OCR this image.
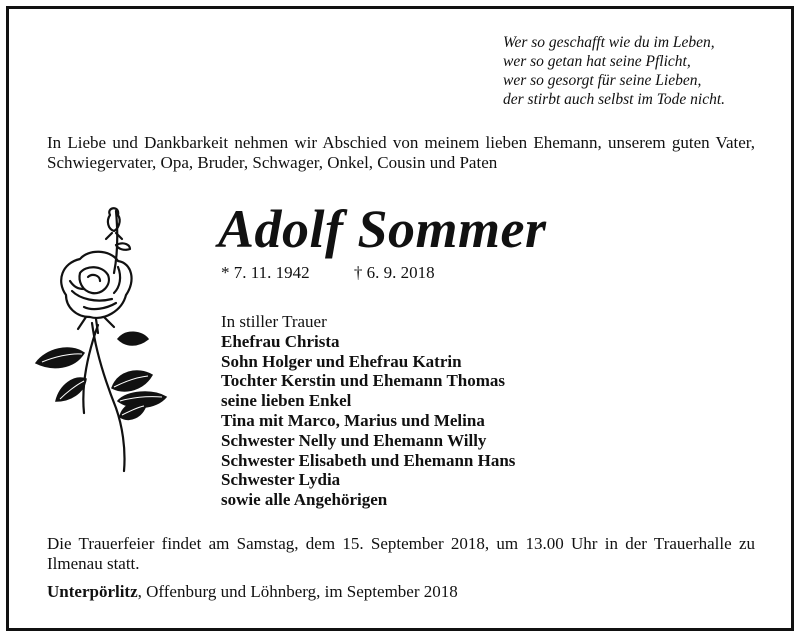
Wer so geschafft wie du im Leben,
wer so getan hat seine Pflicht,
wer so gesorgt für seine Lieben,
der stirbt auch selbst im Tode nicht.
In Liebe und Dankbarkeit nehmen wir Abschied von meinem lieben Ehemann, unserem guten Vater, Schwiegervater, Opa, Bruder, Schwager, Onkel, Cousin und Paten
Adolf Sommer
* 7. 11. 1942	† 6. 9. 2018
In stiller Trauer
Ehefrau Christa
Sohn Holger und Ehefrau Katrin
Tochter Kerstin und Ehemann Thomas
seine lieben Enkel
Tina mit Marco, Marius und Melina
Schwester Nelly und Ehemann Willy
Schwester Elisabeth und Ehemann Hans
Schwester Lydia
sowie alle Angehörigen
Die Trauerfeier findet am Samstag, dem 15. September 2018, um 13.00 Uhr in der Trauerhalle zu Ilmenau statt.
Unterpörlitz, Offenburg und Löhnberg, im September 2018
